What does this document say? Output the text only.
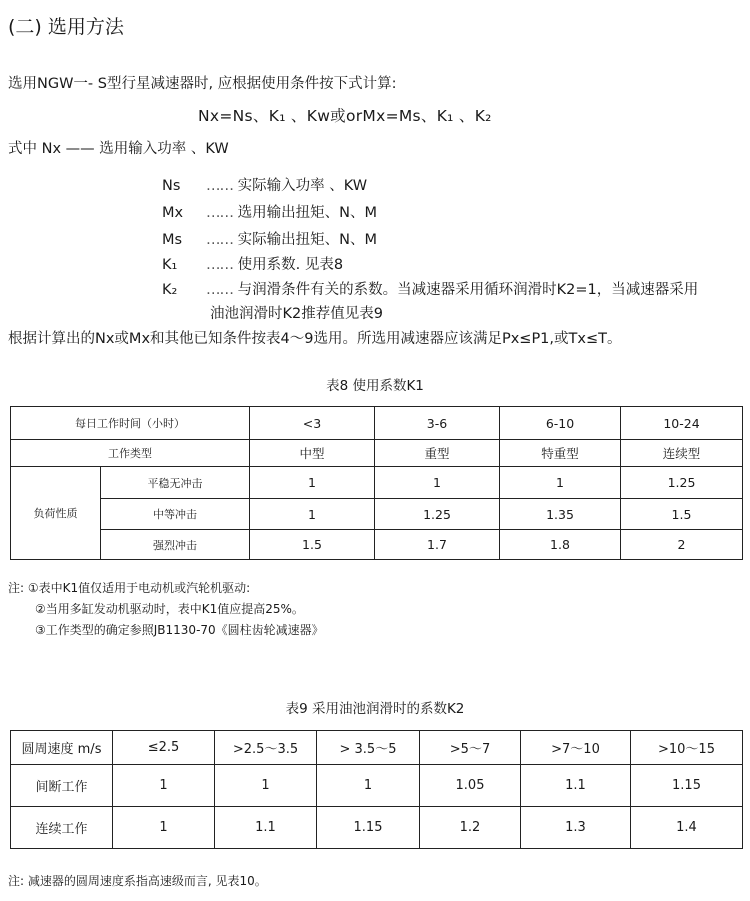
(二) 选用方法
选用NGW一- S型行星减速器时, 应根据使用条件按下式计算:
Nx=Ns、K₁ 、Kw或orMx=Ms、K₁ 、K₂
式中 Nx —— 选用输入功率 、KW
Ns …… 实际输入功率 、KW
Mx …… 选用输出扭矩、N、M
Ms …… 实际输出扭矩、N、M
K₁ …… 使用系数. 见表8
K₂ …… 与润滑条件有关的系数。当减速器采用循环润滑时K2=1，当减速器采用
油池润滑时K2推荐值见表9
根据计算出的Nx或Mx和其他已知条件按表4～9选用。所选用减速器应该满足Px≤P1,或Tx≤T。
表8 使用系数K1
每日工作时间（小时）		<3	3-6	6-10	10-24
工作类型		中型	重型	特重型	连续型
负荷性质	平稳无冲击	1	1	1	1.25
	中等冲击	1	1.25	1.35	1.5
	强烈冲击	1.5	1.7	1.8	2
注: ①表中K1值仅适用于电动机或汽轮机驱动:
②当用多缸发动机驱动时，表中K1值应提高25%。
③工作类型的确定参照JB1130-70《圆柱齿轮减速器》
表9 采用油池润滑时的系数K2
圆周速度 m/s	≤2.5	>2.5～3.5	> 3.5～5	>5～7	>7～10	>10～15
间断工作	1	1	1	1.05	1.1	1.15
连续工作	1	1.1	1.15	1.2	1.3	1.4
注: 减速器的圆周速度系指高速级而言, 见表10。
